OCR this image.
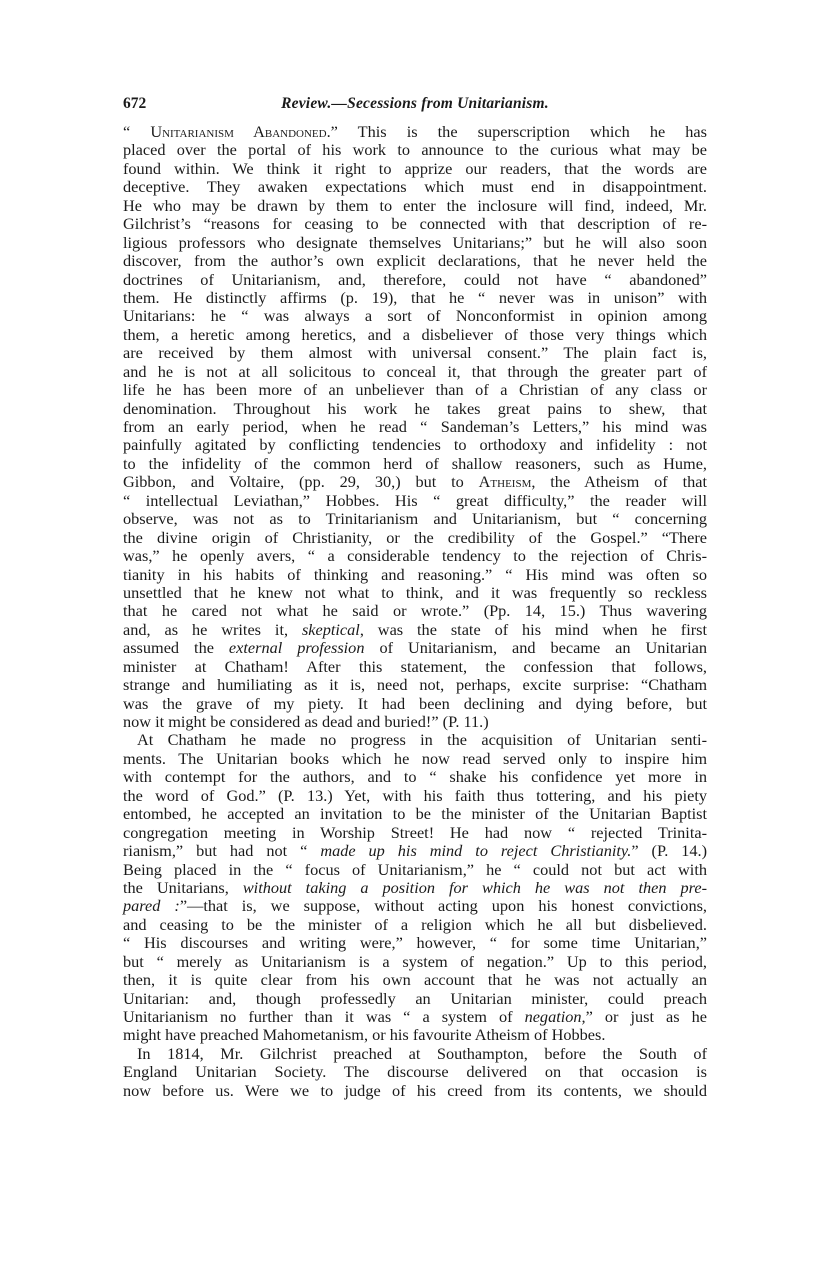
672	Review.—Secessions from Unitarianism.
“ Unitarianism Abandoned.” This is the superscription which he has
placed over the portal of his work to announce to the curious what may be
found within. We think it right to apprize our readers, that the words are
deceptive. They awaken expectations which must end in disappointment.
He who may be drawn by them to enter the inclosure will find, indeed, Mr.
Gilchrist’s “reasons for ceasing to be connected with that description of re-
ligious professors who designate themselves Unitarians;” but he will also soon
discover, from the author’s own explicit declarations, that he never held the
doctrines of Unitarianism, and, therefore, could not have “ abandoned”
them. He distinctly affirms (p. 19), that he “ never was in unison” with
Unitarians: he “ was always a sort of Nonconformist in opinion among
them, a heretic among heretics, and a disbeliever of those very things which
are received by them almost with universal consent.” The plain fact is,
and he is not at all solicitous to conceal it, that through the greater part of
life he has been more of an unbeliever than of a Christian of any class or
denomination. Throughout his work he takes great pains to shew, that
from an early period, when he read “ Sandeman’s Letters,” his mind was
painfully agitated by conflicting tendencies to orthodoxy and infidelity : not
to the infidelity of the common herd of shallow reasoners, such as Hume,
Gibbon, and Voltaire, (pp. 29, 30,) but to Atheism, the Atheism of that
“ intellectual Leviathan,” Hobbes. His “ great difficulty,” the reader will
observe, was not as to Trinitarianism and Unitarianism, but “ concerning
the divine origin of Christianity, or the credibility of the Gospel.” “There
was,” he openly avers, “ a considerable tendency to the rejection of Chris-
tianity in his habits of thinking and reasoning.” “ His mind was often so
unsettled that he knew not what to think, and it was frequently so reckless
that he cared not what he said or wrote.” (Pp. 14, 15.) Thus wavering
and, as he writes it, skeptical, was the state of his mind when he first
assumed the external profession of Unitarianism, and became an Unitarian
minister at Chatham! After this statement, the confession that follows,
strange and humiliating as it is, need not, perhaps, excite surprise: “Chatham
was the grave of my piety. It had been declining and dying before, but
now it might be considered as dead and buried!” (P. 11.)
At Chatham he made no progress in the acquisition of Unitarian senti-
ments. The Unitarian books which he now read served only to inspire him
with contempt for the authors, and to “ shake his confidence yet more in
the word of God.” (P. 13.) Yet, with his faith thus tottering, and his piety
entombed, he accepted an invitation to be the minister of the Unitarian Baptist
congregation meeting in Worship Street! He had now “ rejected Trinita-
rianism,” but had not “ made up his mind to reject Christianity.” (P. 14.)
Being placed in the “ focus of Unitarianism,” he “ could not but act with
the Unitarians, without taking a position for which he was not then pre-
pared :”—that is, we suppose, without acting upon his honest convictions,
and ceasing to be the minister of a religion which he all but disbelieved.
“ His discourses and writing were,” however, “ for some time Unitarian,”
but “ merely as Unitarianism is a system of negation.” Up to this period,
then, it is quite clear from his own account that he was not actually an
Unitarian: and, though professedly an Unitarian minister, could preach
Unitarianism no further than it was “ a system of negation,” or just as he
might have preached Mahometanism, or his favourite Atheism of Hobbes.
In 1814, Mr. Gilchrist preached at Southampton, before the South of
England Unitarian Society. The discourse delivered on that occasion is
now before us. Were we to judge of his creed from its contents, we should
